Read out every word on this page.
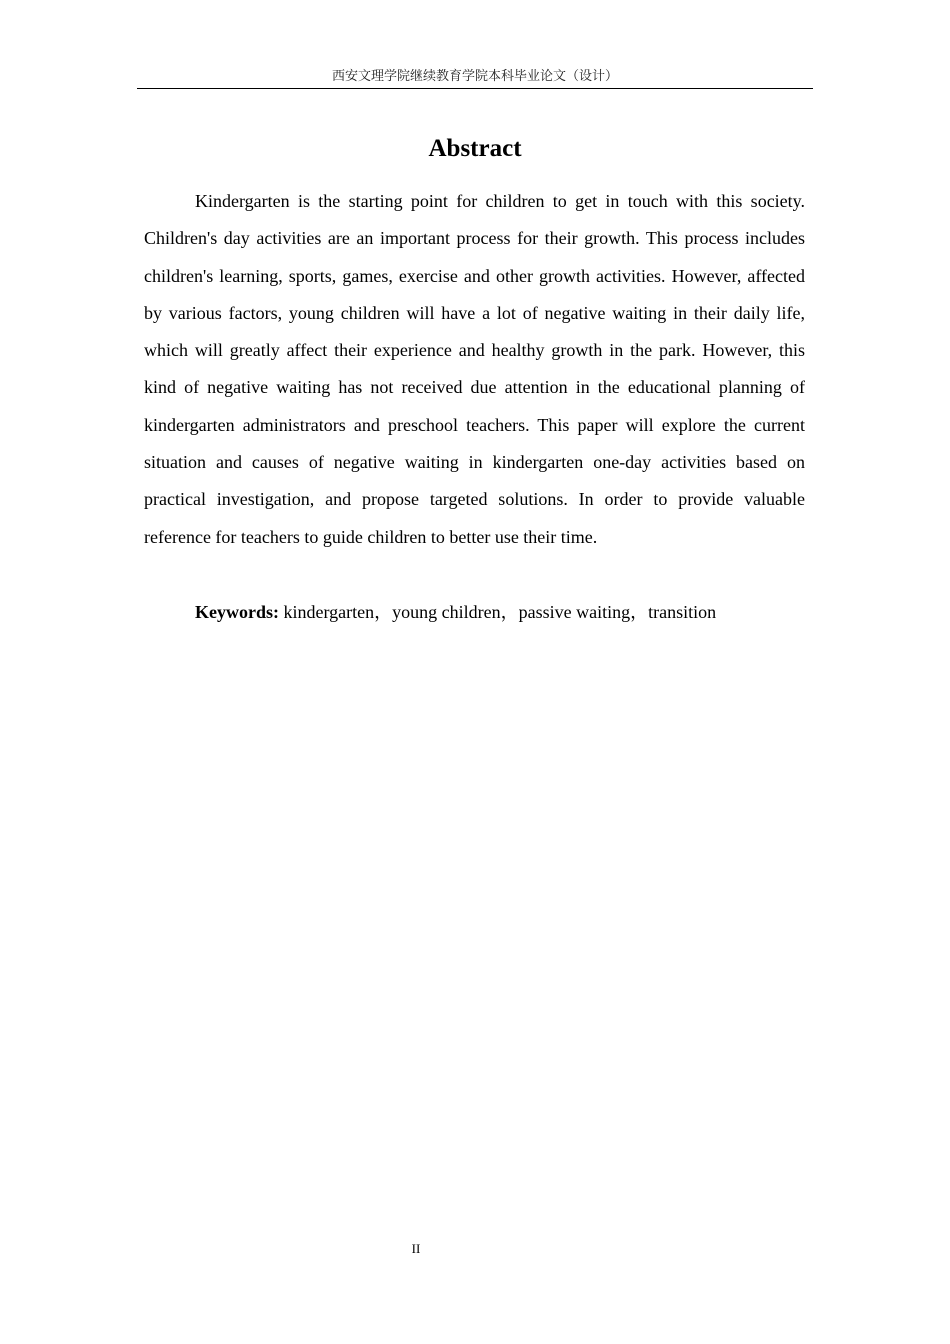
西安文理学院继续教育学院本科毕业论文（设计）
Abstract

Kindergarten is the starting point for children to get in touch with this society. Children's day activities are an important process for their growth. This process includes children's learning, sports, games, exercise and other growth activities. However, affected by various factors, young children will have a lot of negative waiting in their daily life, which will greatly affect their experience and healthy growth in the park. However, this kind of negative waiting has not received due attention in the educational planning of kindergarten administrators and preschool teachers. This paper will explore the current situation and causes of negative waiting in kindergarten one-day activities based on practical investigation, and propose targeted solutions. In order to provide valuable reference for teachers to guide children to better use their time.

Keywords: kindergarten，young children，passive waiting，transition
II
